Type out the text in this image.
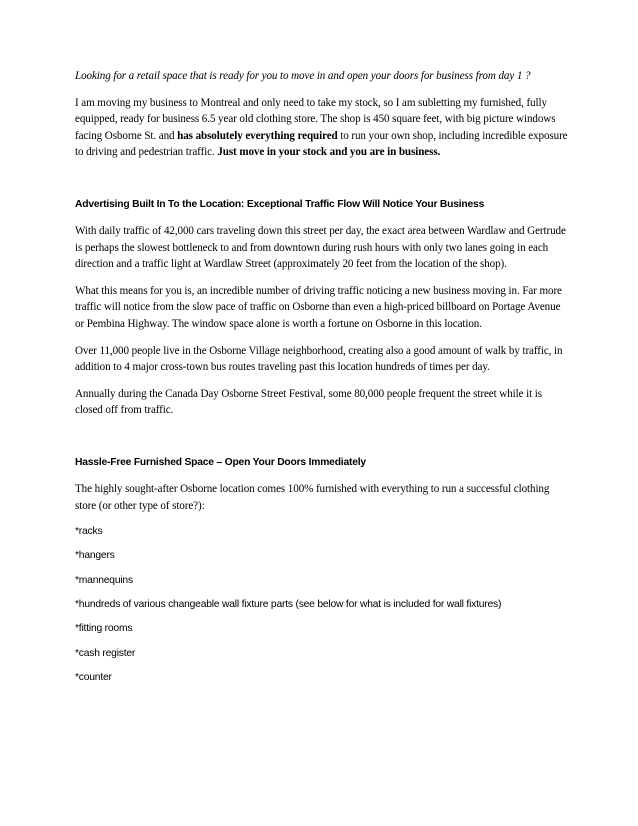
Looking for a retail space that is ready for you to move in and open your doors for business from day 1 ?

I am moving my business to Montreal and only need to take my stock, so I am subletting my furnished, fully equipped, ready for business 6.5 year old clothing store. The shop is 450 square feet, with big picture windows facing Osborne St. and has absolutely everything required to run your own shop, including incredible exposure to driving and pedestrian traffic. Just move in your stock and you are in business.

Advertising Built In To the Location: Exceptional Traffic Flow Will Notice Your Business

With daily traffic of 42,000 cars traveling down this street per day, the exact area between Wardlaw and Gertrude is perhaps the slowest bottleneck to and from downtown during rush hours with only two lanes going in each direction and a traffic light at Wardlaw Street (approximately 20 feet from the location of the shop).

What this means for you is, an incredible number of driving traffic noticing a new business moving in. Far more traffic will notice from the slow pace of traffic on Osborne than even a high-priced billboard on Portage Avenue or Pembina Highway. The window space alone is worth a fortune on Osborne in this location.

Over 11,000 people live in the Osborne Village neighborhood, creating also a good amount of walk by traffic, in addition to 4 major cross-town bus routes traveling past this location hundreds of times per day.

Annually during the Canada Day Osborne Street Festival, some 80,000 people frequent the street while it is closed off from traffic.

Hassle-Free Furnished Space – Open Your Doors Immediately

The highly sought-after Osborne location comes 100% furnished with everything to run a successful clothing store (or other type of store?):

*racks

*hangers

*mannequins

*hundreds of various changeable wall fixture parts (see below for what is included for wall fixtures)

*fitting rooms

*cash register

*counter
